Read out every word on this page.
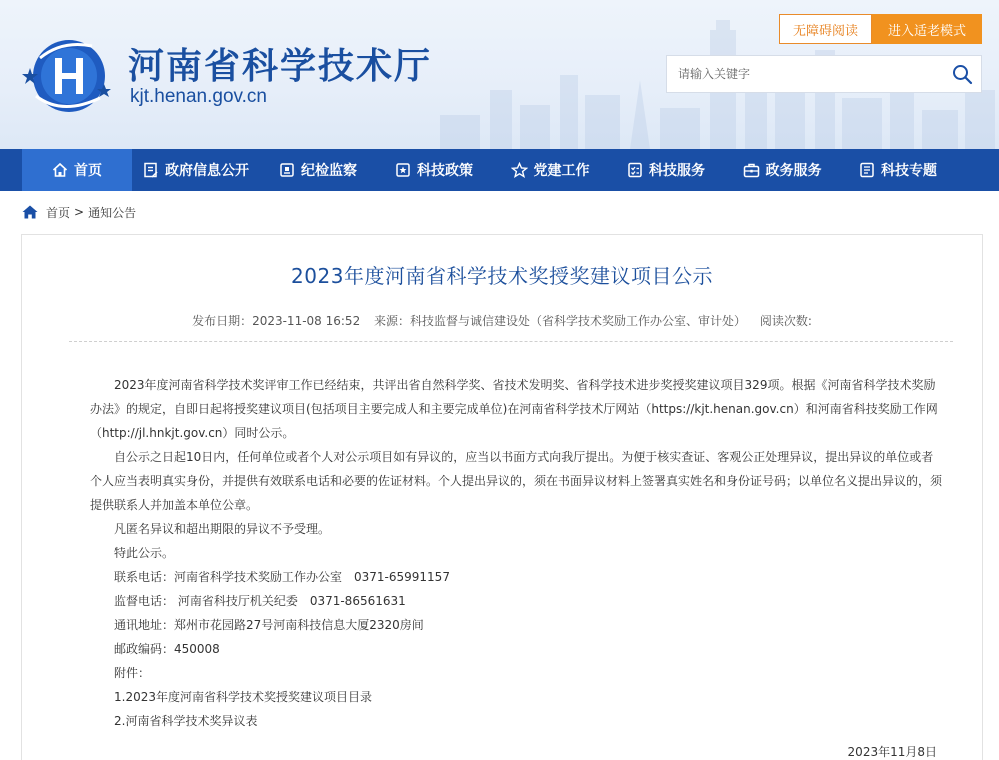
河南省科学技术厅
kjt.henan.gov.cn
无障碍阅读	进入适老模式
请输入关键字
首页	政府信息公开	纪检监察	科技政策	党建工作	科技服务	政务服务	科技专题
首页 > 通知公告
2023年度河南省科学技术奖授奖建议项目公示
发布日期：2023-11-08 16:52 来源：科技监督与诚信建设处（省科学技术奖励工作办公室、审计处） 阅读次数:

2023年度河南省科学技术奖评审工作已经结束，共评出省自然科学奖、省技术发明奖、省科学技术进步奖授奖建议项目329项。根据《河南省科学技术奖励办法》的规定，自即日起将授奖建议项目(包括项目主要完成人和主要完成单位)在河南省科学技术厅网站（https://kjt.henan.gov.cn）和河南省科技奖励工作网（http://jl.hnkjt.gov.cn）同时公示。

自公示之日起10日内，任何单位或者个人对公示项目如有异议的，应当以书面方式向我厅提出。为便于核实查证、客观公正处理异议，提出异议的单位或者个人应当表明真实身份，并提供有效联系电话和必要的佐证材料。个人提出异议的，须在书面异议材料上签署真实姓名和身份证号码；以单位名义提出异议的，须提供联系人并加盖本单位公章。

凡匿名异议和超出期限的异议不予受理。

特此公示。

联系电话：河南省科学技术奖励工作办公室　0371-65991157

监督电话： 河南省科技厅机关纪委　0371-86561631

通讯地址：郑州市花园路27号河南科技信息大厦2320房间

邮政编码：450008

附件：

1.2023年度河南省科学技术奖授奖建议项目目录

2.河南省科学技术奖异议表

2023年11月8日
